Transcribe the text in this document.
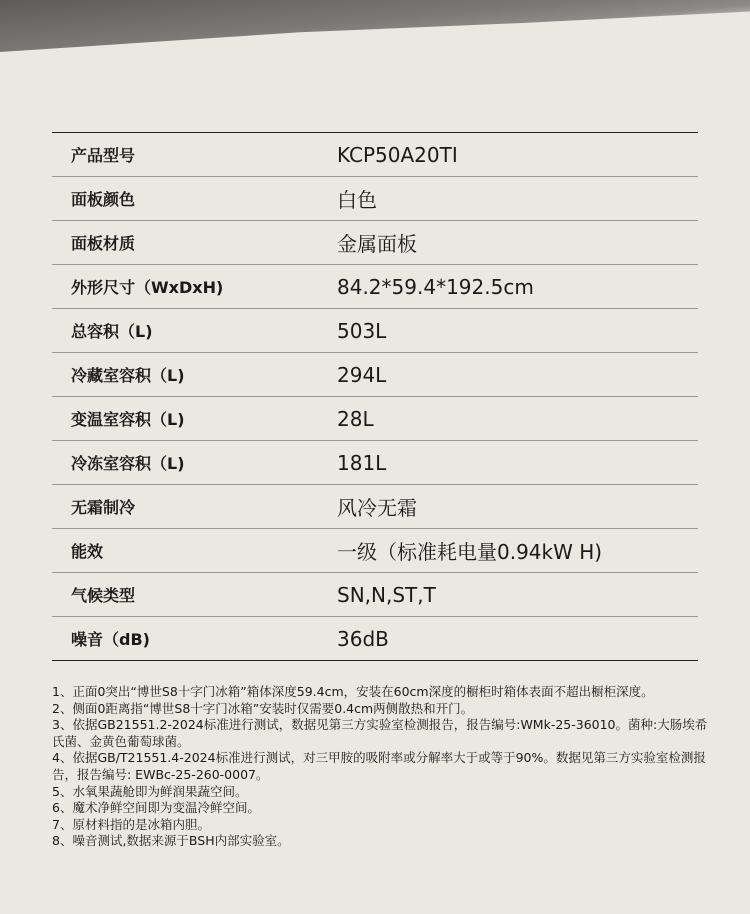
产品型号	KCP50A20TI
面板颜色	白色
面板材质	金属面板
外形尺寸（WxDxH)	84.2*59.4*192.5cm
总容积（L)	503L
冷藏室容积（L)	294L
变温室容积（L)	28L
冷冻室容积（L)	181L
无霜制冷	风冷无霜
能效	一级（标准耗电量0.94kW H)
气候类型	SN,N,ST,T
噪音（dB)	36dB

1、正面0突出“博世S8十字门冰箱”箱体深度59.4cm，安装在60cm深度的橱柜时箱体表面不超出橱柜深度。

2、侧面0距离指“博世S8十字门冰箱”安装时仅需要0.4cm两侧散热和开门。

3、依据GB21551.2-2024标准进行测试，数据见第三方实验室检测报告，报告编号:WMk-25-36010。菌种:大肠埃希氏菌、金黄色葡萄球菌。

4、依据GB/T21551.4-2024标准进行测试，对三甲胺的吸附率或分解率大于或等于90%。数据见第三方实验室检测报告，报告编号: EWBc-25-260-0007。

5、水氧果蔬舱即为鲜润果蔬空间。

6、魔术净鲜空间即为变温冷鲜空间。

7、原材料指的是冰箱内胆。

8、噪音测试,数据来源于BSH内部实验室。
